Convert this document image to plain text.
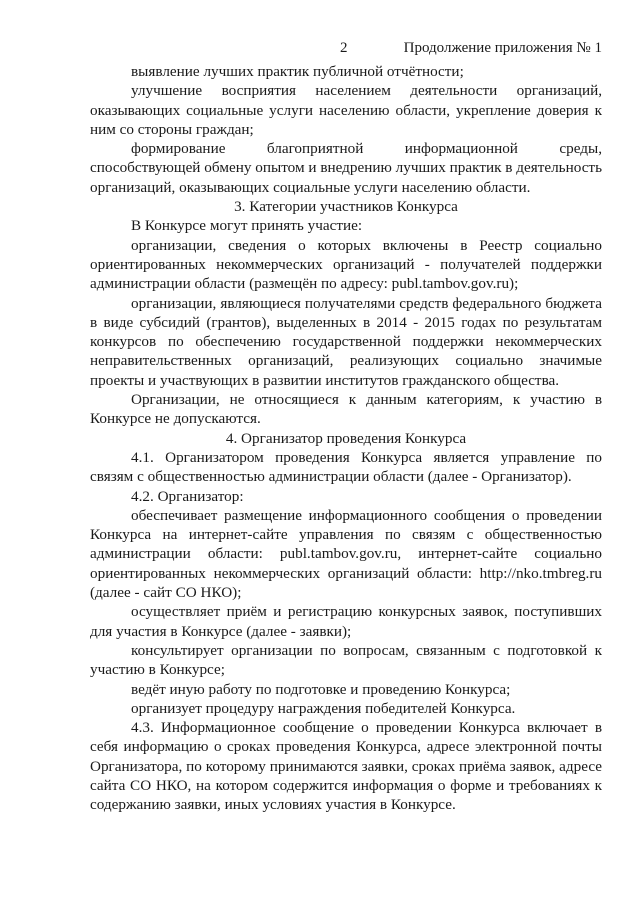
2	Продолжение приложения № 1

выявление лучших практик публичной отчётности;

улучшение восприятия населением деятельности организаций, оказывающих социальные услуги населению области, укрепление доверия к ним со стороны граждан;

формирование благоприятной информационной среды, способствующей обмену опытом и внедрению лучших практик в деятельность организаций, оказывающих социальные услуги населению области.

3. Категории участников Конкурса

В Конкурсе могут принять участие:

организации, сведения о которых включены в Реестр социально ориентированных некоммерческих организаций - получателей поддержки администрации области (размещён по адресу: publ.tambov.gov.ru);

организации, являющиеся получателями средств федерального бюджета в виде субсидий (грантов), выделенных в 2014 - 2015 годах по результатам конкурсов по обеспечению государственной поддержки некоммерческих неправительственных организаций, реализующих социально значимые проекты и участвующих в развитии институтов гражданского общества.

Организации, не относящиеся к данным категориям, к участию в Конкурсе не допускаются.

4. Организатор проведения Конкурса

4.1. Организатором проведения Конкурса является управление по связям с общественностью администрации области (далее - Организатор).

4.2. Организатор:

обеспечивает размещение информационного сообщения о проведении Конкурса на интернет-сайте управления по связям с общественностью администрации области: publ.tambov.gov.ru, интернет-сайте социально ориентированных некоммерческих организаций области: http://nko.tmbreg.ru (далее - сайт СО НКО);

осуществляет приём и регистрацию конкурсных заявок, поступивших для участия в Конкурсе (далее - заявки);

консультирует организации по вопросам, связанным с подготовкой к участию в Конкурсе;

ведёт иную работу по подготовке и проведению Конкурса;

организует процедуру награждения победителей Конкурса.

4.3. Информационное сообщение о проведении Конкурса включает в себя информацию о сроках проведения Конкурса, адресе электронной почты Организатора, по которому принимаются заявки, сроках приёма заявок, адресе сайта СО НКО, на котором содержится информация о форме и требованиях к содержанию заявки, иных условиях участия в Конкурсе.
